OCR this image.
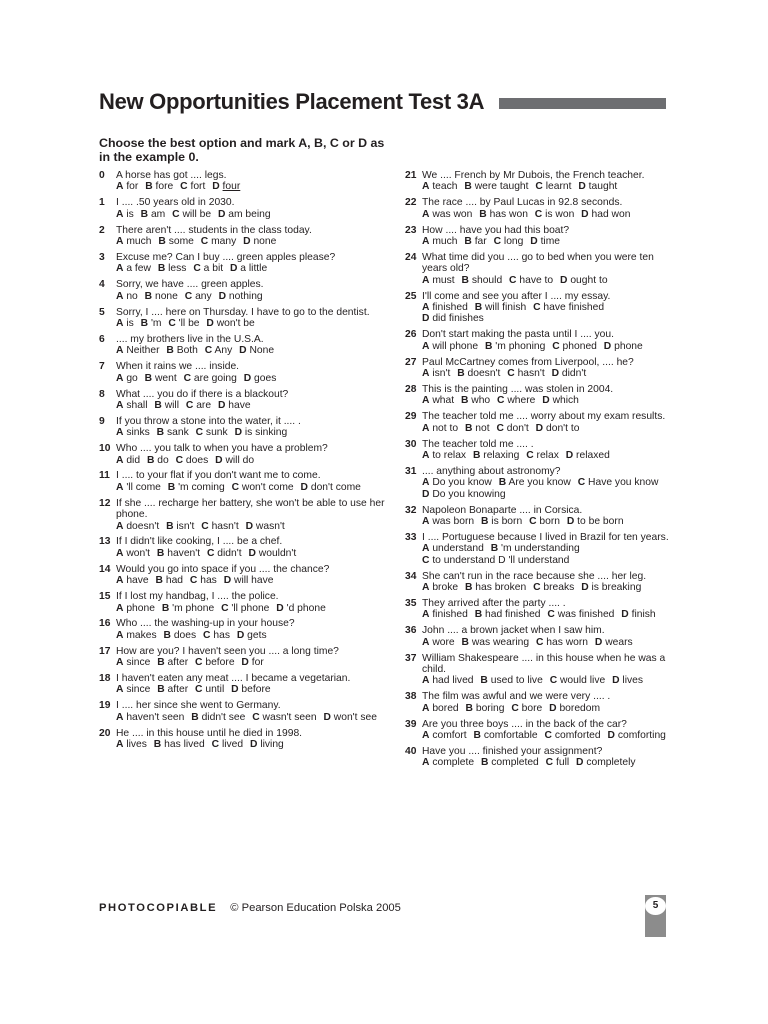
New Opportunities Placement Test 3A
Choose the best option and mark A, B, C or D as in the example 0.
0 A horse has got .... legs.
A for B fore C fort D four
1 I .... .50 years old in 2030.
A is B am C will be D am being
2 There aren't .... students in the class today.
A much B some C many D none
3 Excuse me? Can I buy .... green apples please?
A a few B less C a bit D a little
4 Sorry, we have .... green apples.
A no B none C any D nothing
5 Sorry, I .... here on Thursday. I have to go to the dentist.
A is B 'm C 'll be D won't be
6 .... my brothers live in the U.S.A.
A Neither B Both C Any D None
7 When it rains we .... inside.
A go B went C are going D goes
8 What .... you do if there is a blackout?
A shall B will C are D have
9 If you throw a stone into the water, it .... .
A sinks B sank C sunk D is sinking
10 Who .... you talk to when you have a problem?
A did B do C does D will do
11 I .... to your flat if you don't want me to come.
A 'll come B 'm coming C won't come D don't come
12 If she .... recharge her battery, she won't be able to use her phone.
A doesn't B isn't C hasn't D wasn't
13 If I didn't like cooking, I .... be a chef.
A won't B haven't C didn't D wouldn't
14 Would you go into space if you .... the chance?
A have B had C has D will have
15 If I lost my handbag, I .... the police.
A phone B 'm phone C 'll phone D 'd phone
16 Who .... the washing-up in your house?
A makes B does C has D gets
17 How are you? I haven't seen you .... a long time?
A since B after C before D for
18 I haven't eaten any meat .... I became a vegetarian.
A since B after C until D before
19 I .... her since she went to Germany.
A haven't seen B didn't see C wasn't seen D won't see
20 He .... in this house until he died in 1998.
A lives B has lived C lived D living
21 We .... French by Mr Dubois, the French teacher.
A teach B were taught C learnt D taught
22 The race .... by Paul Lucas in 92.8 seconds.
A was won B has won C is won D had won
23 How .... have you had this boat?
A much B far C long D time
24 What time did you .... go to bed when you were ten years old?
A must B should C have to D ought to
25 I'll come and see you after I .... my essay.
A finished B will finish C have finished D did finishes
26 Don't start making the pasta until I .... you.
A will phone B 'm phoning C phoned D phone
27 Paul McCartney comes from Liverpool, .... he?
A isn't B doesn't C hasn't D didn't
28 This is the painting .... was stolen in 2004.
A what B who C where D which
29 The teacher told me .... worry about my exam results.
A not to B not C don't D don't to
30 The teacher told me .... .
A to relax B relaxing C relax D relaxed
31 .... anything about astronomy?
A Do you know B Are you know C Have you know D Do you knowing
32 Napoleon Bonaparte .... in Corsica.
A was born B is born C born D to be born
33 I .... Portuguese because I lived in Brazil for ten years.
A understand B 'm understanding C to understand D 'll understand
34 She can't run in the race because she .... her leg.
A broke B has broken C breaks D is breaking
35 They arrived after the party .... .
A finished B had finished C was finished D finish
36 John .... a brown jacket when I saw him.
A wore B was wearing C has worn D wears
37 William Shakespeare .... in this house when he was a child.
A had lived B used to live C would live D lives
38 The film was awful and we were very .... .
A bored B boring C bore D boredom
39 Are you three boys .... in the back of the car?
A comfort B comfortable C comforted D comforting
40 Have you .... finished your assignment?
A complete B completed C full D completely
PHOTOCOPIABLE © Pearson Education Polska 2005	5
